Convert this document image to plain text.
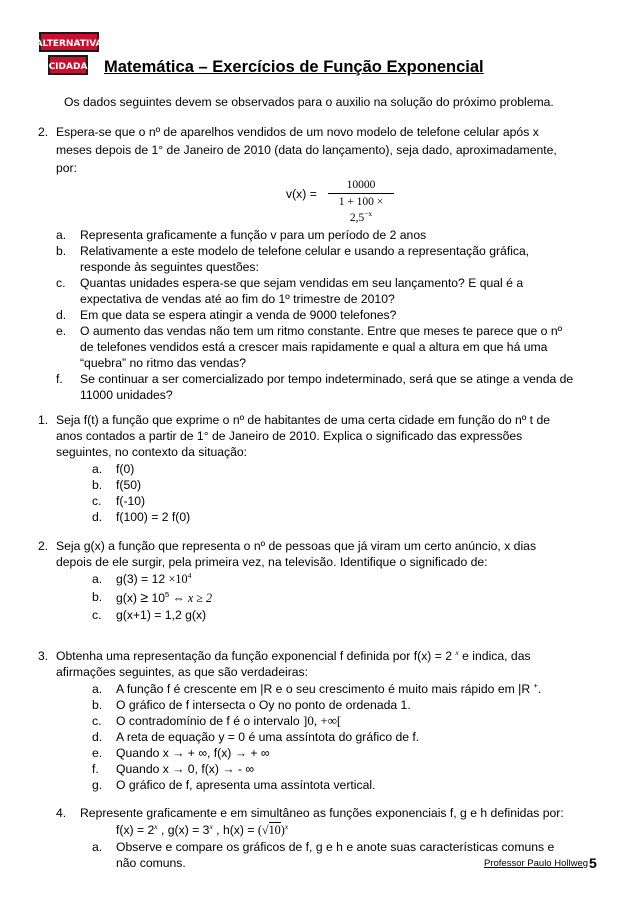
ALTERNATIVA
CIDADA Matemática – Exercícios de Função Exponencial
Os dados seguintes devem se observados para o auxilio na solução do próximo problema.
2. Espera-se que o nº de aparelhos vendidos de um novo modelo de telefone celular após x
meses depois de 1° de Janeiro de 2010 (data do lançamento), seja dado, aproximadamente,
por:
$v(x) = \frac{10000}{1 + 100 \times 2,5^{-x}}$
a. Representa graficamente a função v para um período de 2 anos
b. Relativamente a este modelo de telefone celular e usando a representação gráfica,
responde às seguintes questões:
c. Quantas unidades espera-se que sejam vendidas em seu lançamento? E qual é a
expectativa de vendas até ao fim do 1º trimestre de 2010?
d. Em que data se espera atingir a venda de 9000 telefones?
e. O aumento das vendas não tem um ritmo constante. Entre que meses te parece que o nº
de telefones vendidos está a crescer mais rapidamente e qual a altura em que há uma
“quebra” no ritmo das vendas?
f. Se continuar a ser comercializado por tempo indeterminado, será que se atinge a venda de
11000 unidades?
1. Seja f(t) a função que exprime o nº de habitantes de uma certa cidade em função do nº t de
anos contados a partir de 1° de Janeiro de 2010. Explica o significado das expressões
seguintes, no contexto da situação:
a. f(0)
b. f(50)
c. f(-10)
d. f(100) = 2 f(0)
2. Seja g(x) a função que representa o nº de pessoas que já viram um certo anúncio, x dias
depois de ele surgir, pela primeira vez, na televisão. Identifique o significado de:
a. $g(3) = 12 \times 10^4$
b. $g(x) \ge 10^5$ ⇔ x ≥ 2
c. g(x+1) = 1,2 g(x)
3. Obtenha uma representação da função exponencial f definida por f(x) = 2 $^x$ e indica, das
afirmações seguintes, as que são verdadeiras:
a. A função f é crescente em |R e o seu crescimento é muito mais rápido em |R +.
b. O gráfico de f intersecta o Oy no ponto de ordenada 1.
c. O contradomínio de f é o intervalo ]0, +∞[
d. A reta de equação y = 0 é uma assíntota do gráfico de f.
e. Quando x → + ∞, f(x) → + ∞
f. Quando x → 0, f(x) → - ∞
g. O gráfico de f, apresenta uma assíntota vertical.
4. Represente graficamente e em simultâneo as funções exponenciais f, g e h definidas por:
$f(x) = 2^x$ , $g(x) = 3^x$ , $h(x) = (√10)^x$
a. Observe e compare os gráficos de f, g e h e anote suas características comuns e
não comuns.	Professor Paulo Hollweg 5
